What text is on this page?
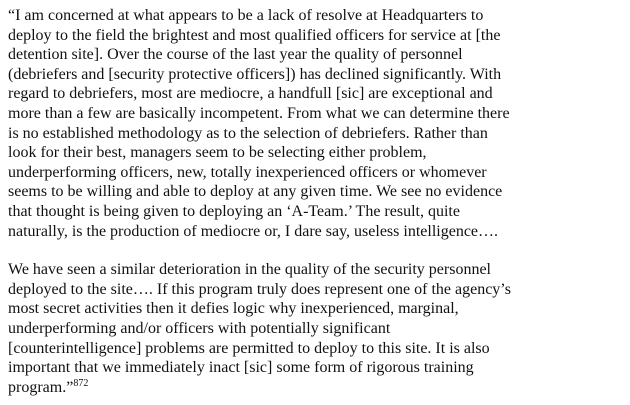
“I am concerned at what appears to be a lack of resolve at Headquarters to
deploy to the field the brightest and most qualified officers for service at [the
detention site]. Over the course of the last year the quality of personnel
(debriefers and [security protective officers]) has declined significantly. With
regard to debriefers, most are mediocre, a handfull [sic] are exceptional and
more than a few are basically incompetent. From what we can determine there
is no established methodology as to the selection of debriefers. Rather than
look for their best, managers seem to be selecting either problem,
underperforming officers, new, totally inexperienced officers or whomever
seems to be willing and able to deploy at any given time. We see no evidence
that thought is being given to deploying an ‘A-Team.’ The result, quite
naturally, is the production of mediocre or, I dare say, useless intelligence….

We have seen a similar deterioration in the quality of the security personnel
deployed to the site…. If this program truly does represent one of the agency’s
most secret activities then it defies logic why inexperienced, marginal,
underperforming and/or officers with potentially significant
[counterintelligence] problems are permitted to deploy to this site. It is also
important that we immediately inact [sic] some form of rigorous training
program.”$^{872}$
